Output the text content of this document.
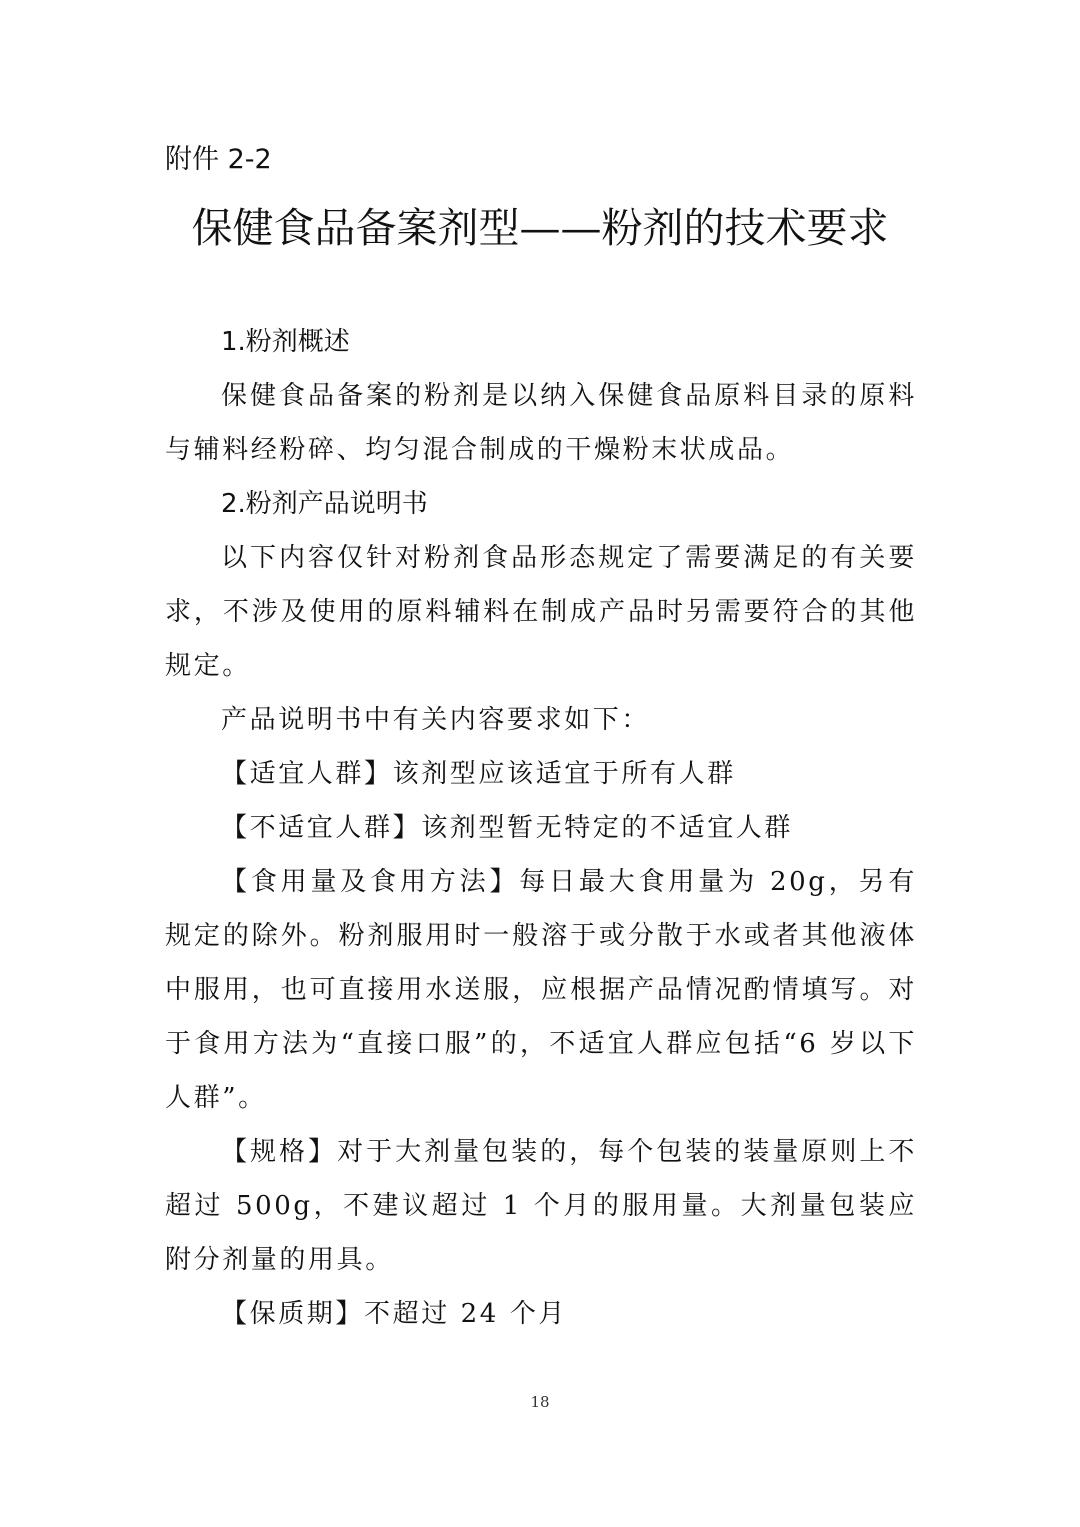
附件 2-2
保健食品备案剂型——粉剂的技术要求

1.粉剂概述

保健食品备案的粉剂是以纳入保健食品原料目录的原料与辅料经粉碎、均匀混合制成的干燥粉末状成品。

2.粉剂产品说明书

以下内容仅针对粉剂食品形态规定了需要满足的有关要求，不涉及使用的原料辅料在制成产品时另需要符合的其他规定。

产品说明书中有关内容要求如下：

【适宜人群】该剂型应该适宜于所有人群

【不适宜人群】该剂型暂无特定的不适宜人群

【食用量及食用方法】每日最大食用量为 20g，另有规定的除外。粉剂服用时一般溶于或分散于水或者其他液体中服用，也可直接用水送服，应根据产品情况酌情填写。对于食用方法为“直接口服”的，不适宜人群应包括“6 岁以下人群”。

【规格】对于大剂量包装的，每个包装的装量原则上不超过 500g，不建议超过 1 个月的服用量。大剂量包装应附分剂量的用具。

【保质期】不超过 24 个月

18
